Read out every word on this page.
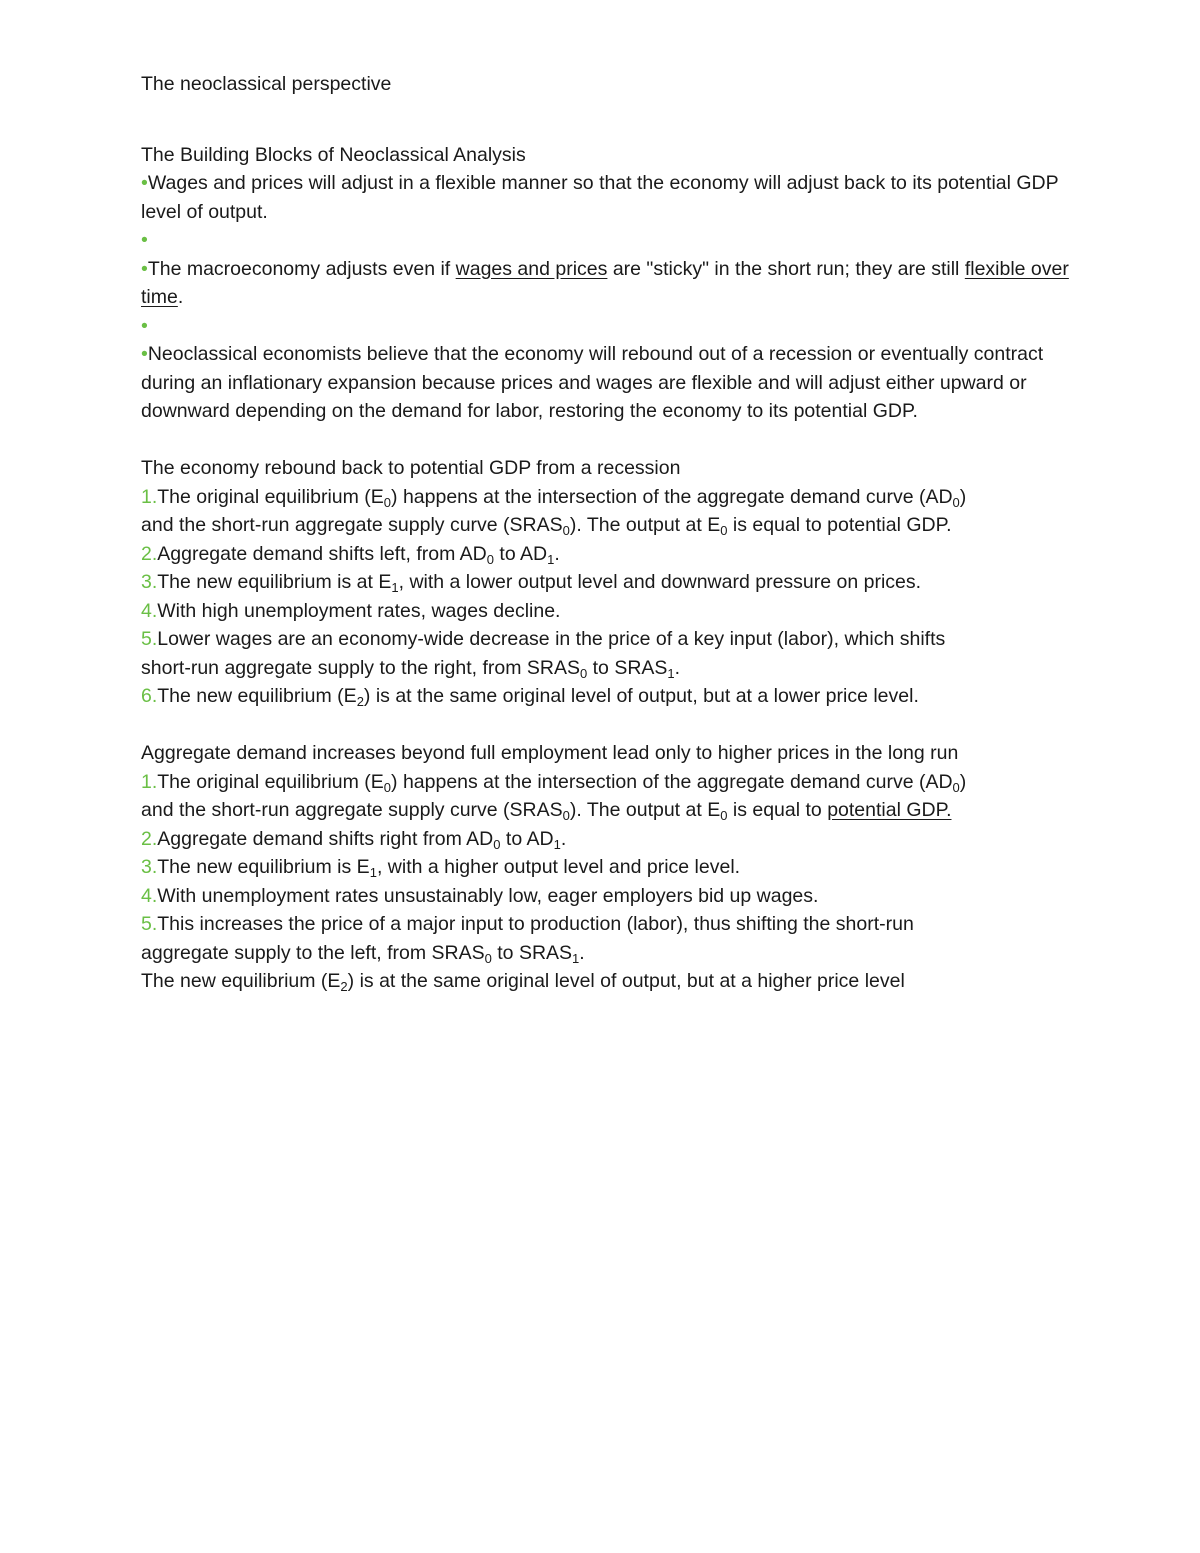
The neoclassical perspective
The Building Blocks of Neoclassical Analysis
•Wages and prices will adjust in a flexible manner so that the economy will adjust back to its potential GDP level of output.
•
•The macroeconomy adjusts even if wages and prices are "sticky" in the short run; they are still flexible over time.
•
•Neoclassical economists believe that the economy will rebound out of a recession or eventually contract during an inflationary expansion because prices and wages are flexible and will adjust either upward or downward depending on the demand for labor, restoring the economy to its potential GDP.
The economy rebound back to potential GDP from a recession
1.The original equilibrium $(E_0)$ happens at the intersection of the aggregate demand curve $(AD_0)$
and the short-run aggregate supply curve $(SRAS_0)$. The output at $E_0$ is equal to potential GDP.
2.Aggregate demand shifts left, from $AD_0$ to $AD_1$.
3.The new equilibrium is at $E_1$, with a lower output level and downward pressure on prices.
4.With high unemployment rates, wages decline.
5.Lower wages are an economy-wide decrease in the price of a key input (labor), which shifts
short-run aggregate supply to the right, from $SRAS_0$ to $SRAS_1$.
6.The new equilibrium $(E_2)$ is at the same original level of output, but at a lower price level.
Aggregate demand increases beyond full employment lead only to higher prices in the long run
1.The original equilibrium $(E_0)$ happens at the intersection of the aggregate demand curve $(AD_0)$
and the short-run aggregate supply curve $(SRAS_0)$. The output at $E_0$ is equal to potential GDP.
2.Aggregate demand shifts right from $AD_0$ to $AD_1$.
3.The new equilibrium is $E_1$, with a higher output level and price level.
4.With unemployment rates unsustainably low, eager employers bid up wages.
5.This increases the price of a major input to production (labor), thus shifting the short-run
aggregate supply to the left, from $SRAS_0$ to $SRAS_1$.
The new equilibrium $(E_2)$ is at the same original level of output, but at a higher price level
